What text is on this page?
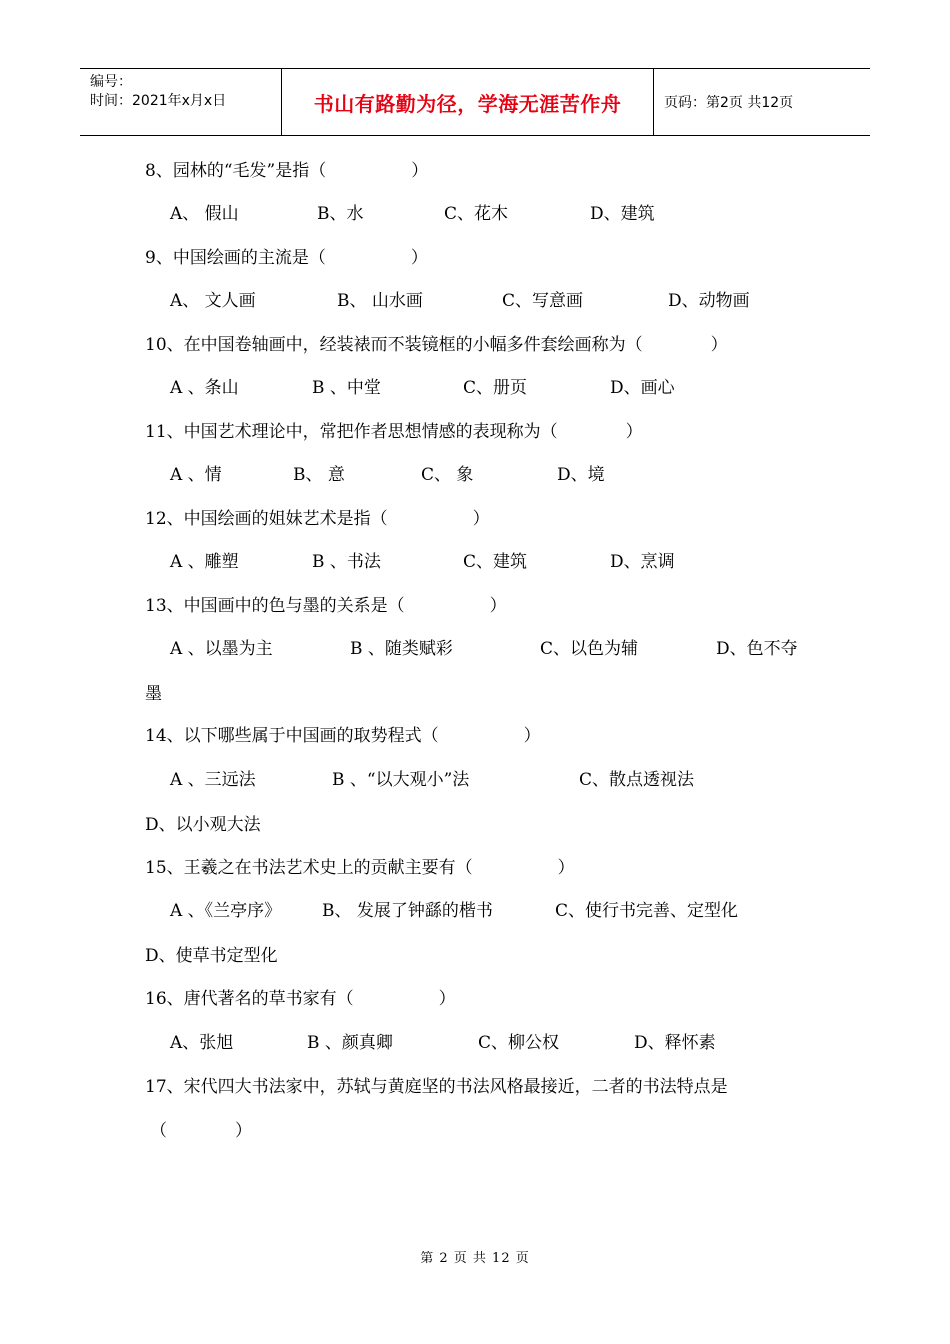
编号：
时间：2021年x月x日	书山有路勤为径，学海无涯苦作舟	页码：第2页 共12页
8、园林的“毛发”是指（　　　　　）
A、 假山	B、水	C、花木	D、建筑
9、中国绘画的主流是（　　　　　）
A、 文人画	B、 山水画	C、写意画	D、动物画
10、在中国卷轴画中，经装裱而不装镜框的小幅多件套绘画称为（　　　　）
A 、条山	B 、中堂	C、册页	D、画心
11、中国艺术理论中，常把作者思想情感的表现称为（　　　　）
A 、情	B、 意	C、 象	D、境
12、中国绘画的姐妹艺术是指（　　　　　）
A 、雕塑	B 、书法	C、建筑	D、烹调
13、中国画中的色与墨的关系是（　　　　　）
A 、以墨为主	B 、随类赋彩	C、以色为辅	D、色不夺
墨
14、以下哪些属于中国画的取势程式（　　　　　）
A 、三远法	B 、“以大观小”法	C、散点透视法
D、以小观大法
15、王羲之在书法艺术史上的贡献主要有（　　　　　）
A 、《兰亭序》 B、 发展了钟繇的楷书	C、使行书完善、定型化
D、使草书定型化
16、唐代著名的草书家有（　　　　　）
A、张旭	B 、颜真卿	C、柳公权	D、释怀素
17、宋代四大书法家中，苏轼与黄庭坚的书法风格最接近，二者的书法特点是
（　　　　）
第 2 页 共 12 页
